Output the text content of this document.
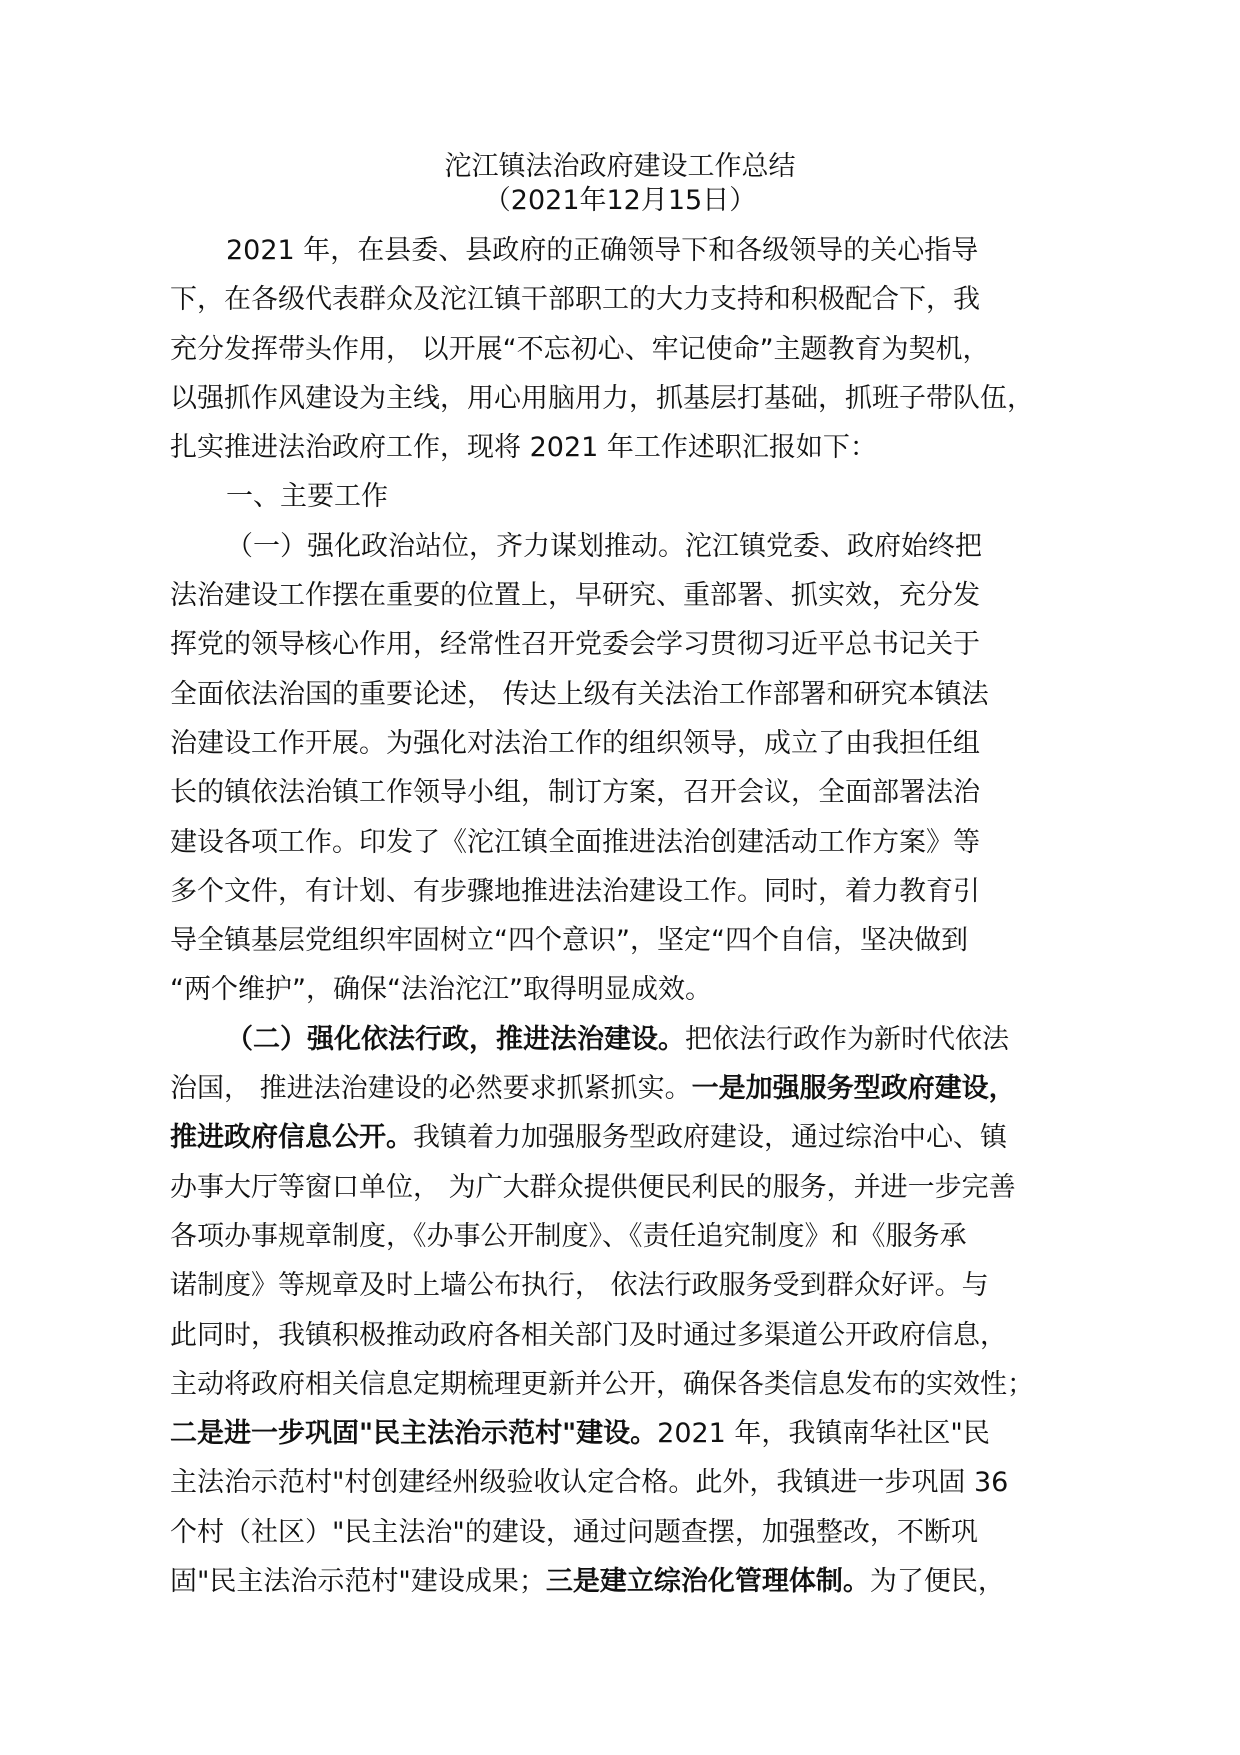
沱江镇法治政府建设工作总结
（2021年12月15日）
2021 年，在县委、县政府的正确领导下和各级领导的关心指导
下，在各级代表群众及沱江镇干部职工的大力支持和积极配合下，我
充分发挥带头作用， 以开展“不忘初心、牢记使命”主题教育为契机，
以强抓作风建设为主线，用心用脑用力，抓基层打基础，抓班子带队伍，
扎实推进法治政府工作，现将 2021 年工作述职汇报如下：
一、主要工作
（一）强化政治站位，齐力谋划推动。沱江镇党委、政府始终把
法治建设工作摆在重要的位置上，早研究、重部署、抓实效，充分发
挥党的领导核心作用，经常性召开党委会学习贯彻习近平总书记关于
全面依法治国的重要论述， 传达上级有关法治工作部署和研究本镇法
治建设工作开展。为强化对法治工作的组织领导，成立了由我担任组
长的镇依法治镇工作领导小组，制订方案，召开会议，全面部署法治
建设各项工作。印发了《沱江镇全面推进法治创建活动工作方案》等
多个文件，有计划、有步骤地推进法治建设工作。同时，着力教育引
导全镇基层党组织牢固树立“四个意识”，坚定“四个自信，坚决做到
“两个维护”，确保“法治沱江”取得明显成效。
（二）强化依法行政，推进法治建设。把依法行政作为新时代依法
治国， 推进法治建设的必然要求抓紧抓实。一是加强服务型政府建设，
推进政府信息公开。我镇着力加强服务型政府建设，通过综治中心、镇
办事大厅等窗口单位， 为广大群众提供便民利民的服务，并进一步完善
各项办事规章制度，《办事公开制度》、《责任追究制度》和《服务承
诺制度》等规章及时上墙公布执行， 依法行政服务受到群众好评。与
此同时，我镇积极推动政府各相关部门及时通过多渠道公开政府信息，
主动将政府相关信息定期梳理更新并公开，确保各类信息发布的实效性；
二是进一步巩固"民主法治示范村"建设。2021 年，我镇南华社区"民
主法治示范村"村创建经州级验收认定合格。此外，我镇进一步巩固 36
个村（社区）"民主法治"的建设，通过问题查摆，加强整改，不断巩
固"民主法治示范村"建设成果；三是建立综治化管理体制。为了便民，
